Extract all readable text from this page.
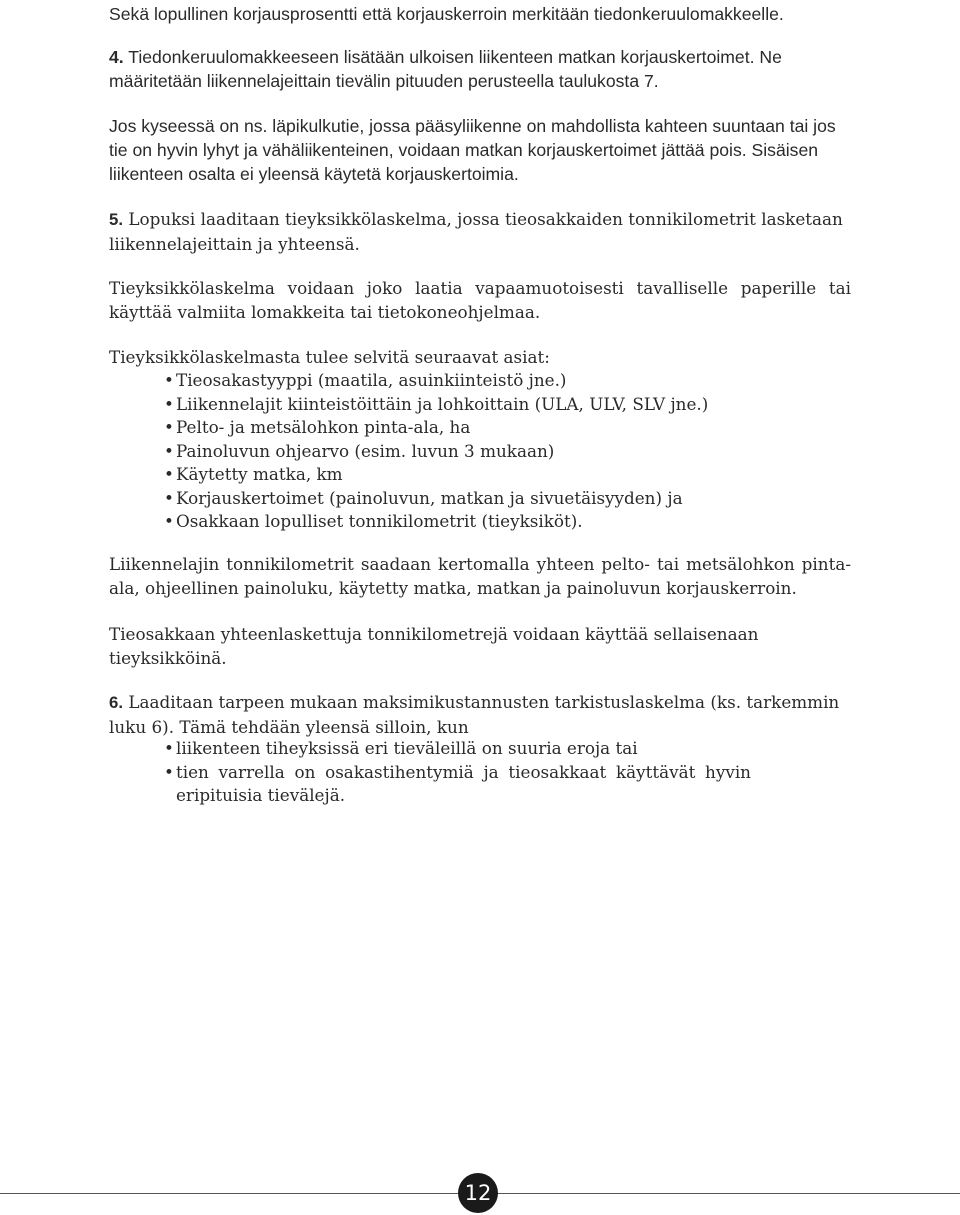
Sekä lopullinen korjausprosentti että korjauskerroin merkitään tiedonkeruulomakkeelle.

4. Tiedonkeruulomakkeeseen lisätään ulkoisen liikenteen matkan korjauskertoimet. Ne määritetään liikennelajeittain tievälin pituuden perusteella taulukosta 7.

Jos kyseessä on ns. läpikulkutie, jossa pääsyliikenne on mahdollista kahteen suuntaan tai jos tie on hyvin lyhyt ja vähäliikenteinen, voidaan matkan korjauskertoimet jättää pois. Sisäisen liikenteen osalta ei yleensä käytetä korjauskertoimia.

5. Lopuksi laaditaan tieyksikkölaskelma, jossa tieosakkaiden tonnikilometrit lasketaan liikennelajeittain ja yhteensä.

Tieyksikkölaskelma voidaan joko laatia vapaamuotoisesti tavalliselle paperille tai käyttää valmiita lomakkeita tai tietokoneohjelmaa.

Tieyksikkölaskelmasta tulee selvitä seuraavat asiat:

• Tieosakastyyppi (maatila, asuinkiinteistö jne.)
• Liikennelajit kiinteistöittäin ja lohkoittain (ULA, ULV, SLV jne.)
• Pelto- ja metsälohkon pinta-ala, ha
• Painoluvun ohjearvo (esim. luvun 3 mukaan)
• Käytetty matka, km
• Korjauskertoimet (painoluvun, matkan ja sivuetäisyyden) ja
• Osakkaan lopulliset tonnikilometrit (tieyksiköt).

Liikennelajin tonnikilometrit saadaan kertomalla yhteen pelto- tai metsälohkon pinta-ala, ohjeellinen painoluku, käytetty matka, matkan ja painoluvun korjauskerroin.

Tieosakkaan yhteenlaskettuja tonnikilometrejä voidaan käyttää sellaisenaan tieyksikköinä.

6. Laaditaan tarpeen mukaan maksimikustannusten tarkistuslaskelma (ks. tarkemmin luku 6). Tämä tehdään yleensä silloin, kun

• liikenteen tiheyksissä eri tieväleillä on suuria eroja tai
• tien varrella on osakastihentymiä ja tieosakkaat käyttävät hyvin eripituisia tievälejä.
12
